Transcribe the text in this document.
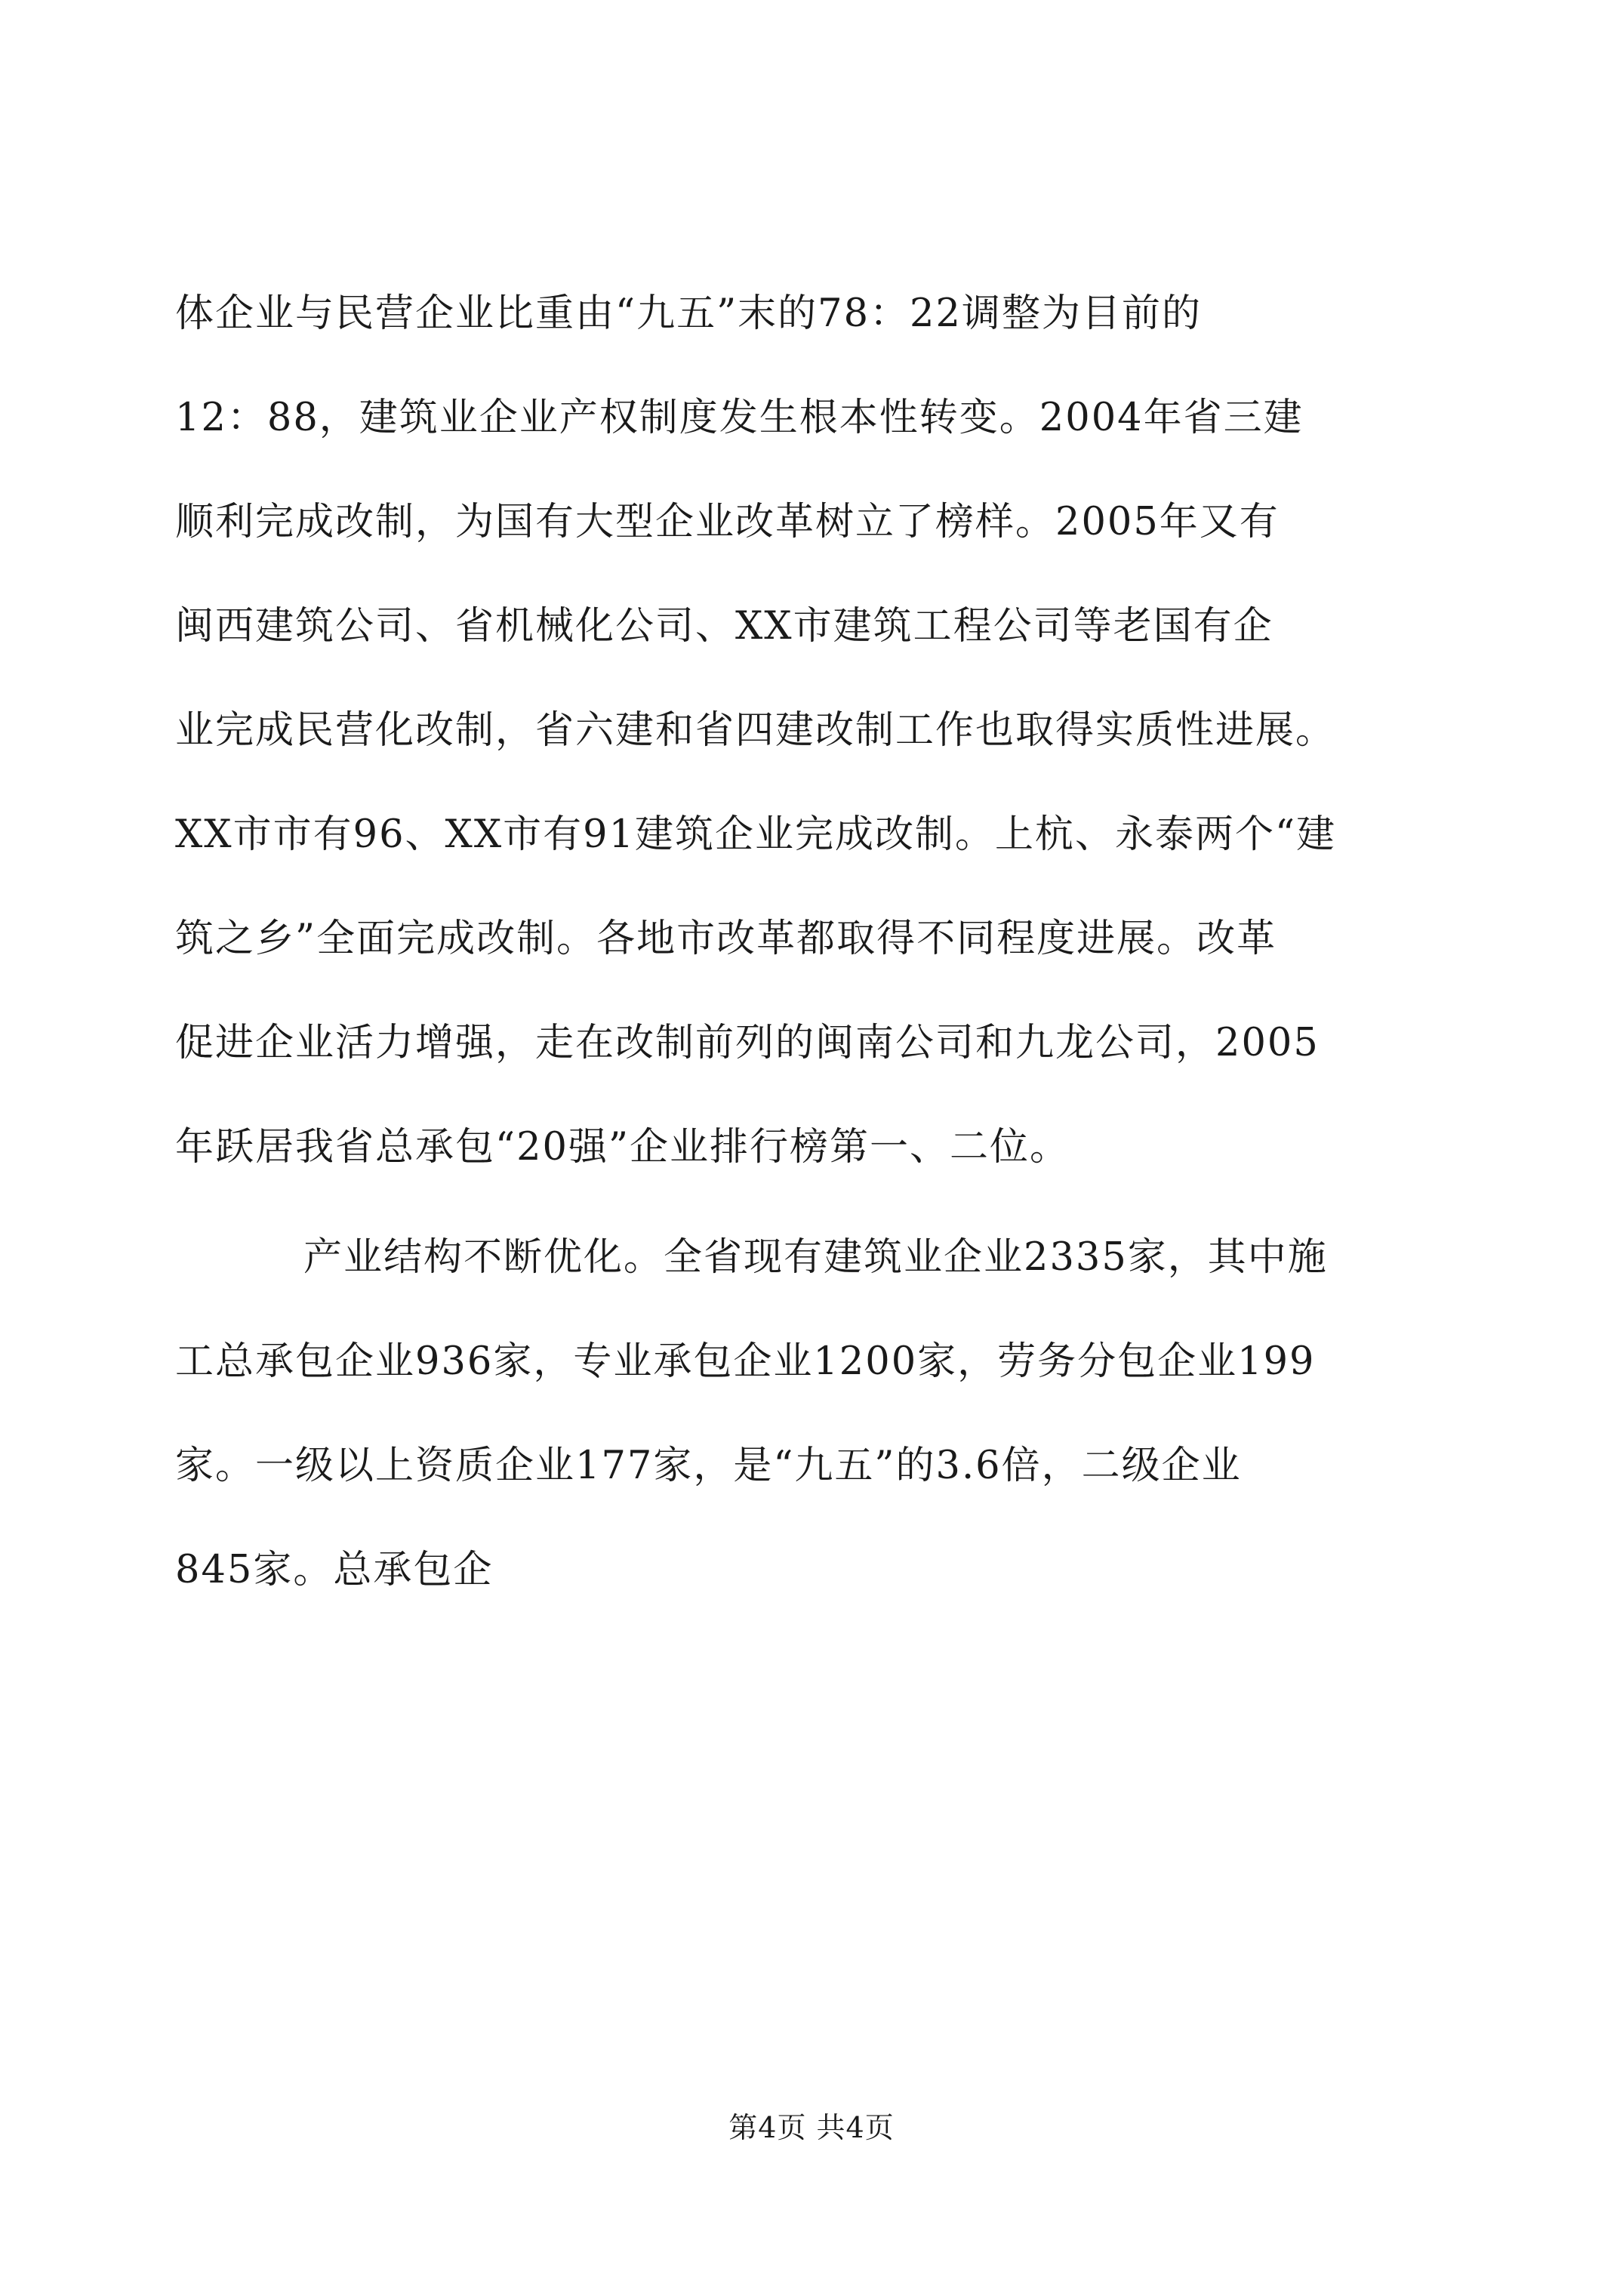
体企业与民营企业比重由“九五”末的78：22调整为目前的
12：88，建筑业企业产权制度发生根本性转变。2004年省三建
顺利完成改制，为国有大型企业改革树立了榜样。2005年又有
闽西建筑公司、省机械化公司、XX市建筑工程公司等老国有企
业完成民营化改制，省六建和省四建改制工作也取得实质性进展。
XX市市有96、XX市有91建筑企业完成改制。上杭、永泰两个“建
筑之乡”全面完成改制。各地市改革都取得不同程度进展。改革
促进企业活力增强，走在改制前列的闽南公司和九龙公司，2005
年跃居我省总承包“20强”企业排行榜第一、二位。
产业结构不断优化。全省现有建筑业企业2335家，其中施
工总承包企业936家，专业承包企业1200家，劳务分包企业199
家。一级以上资质企业177家，是“九五”的3.6倍，二级企业
845家。总承包企
第4页 共4页
